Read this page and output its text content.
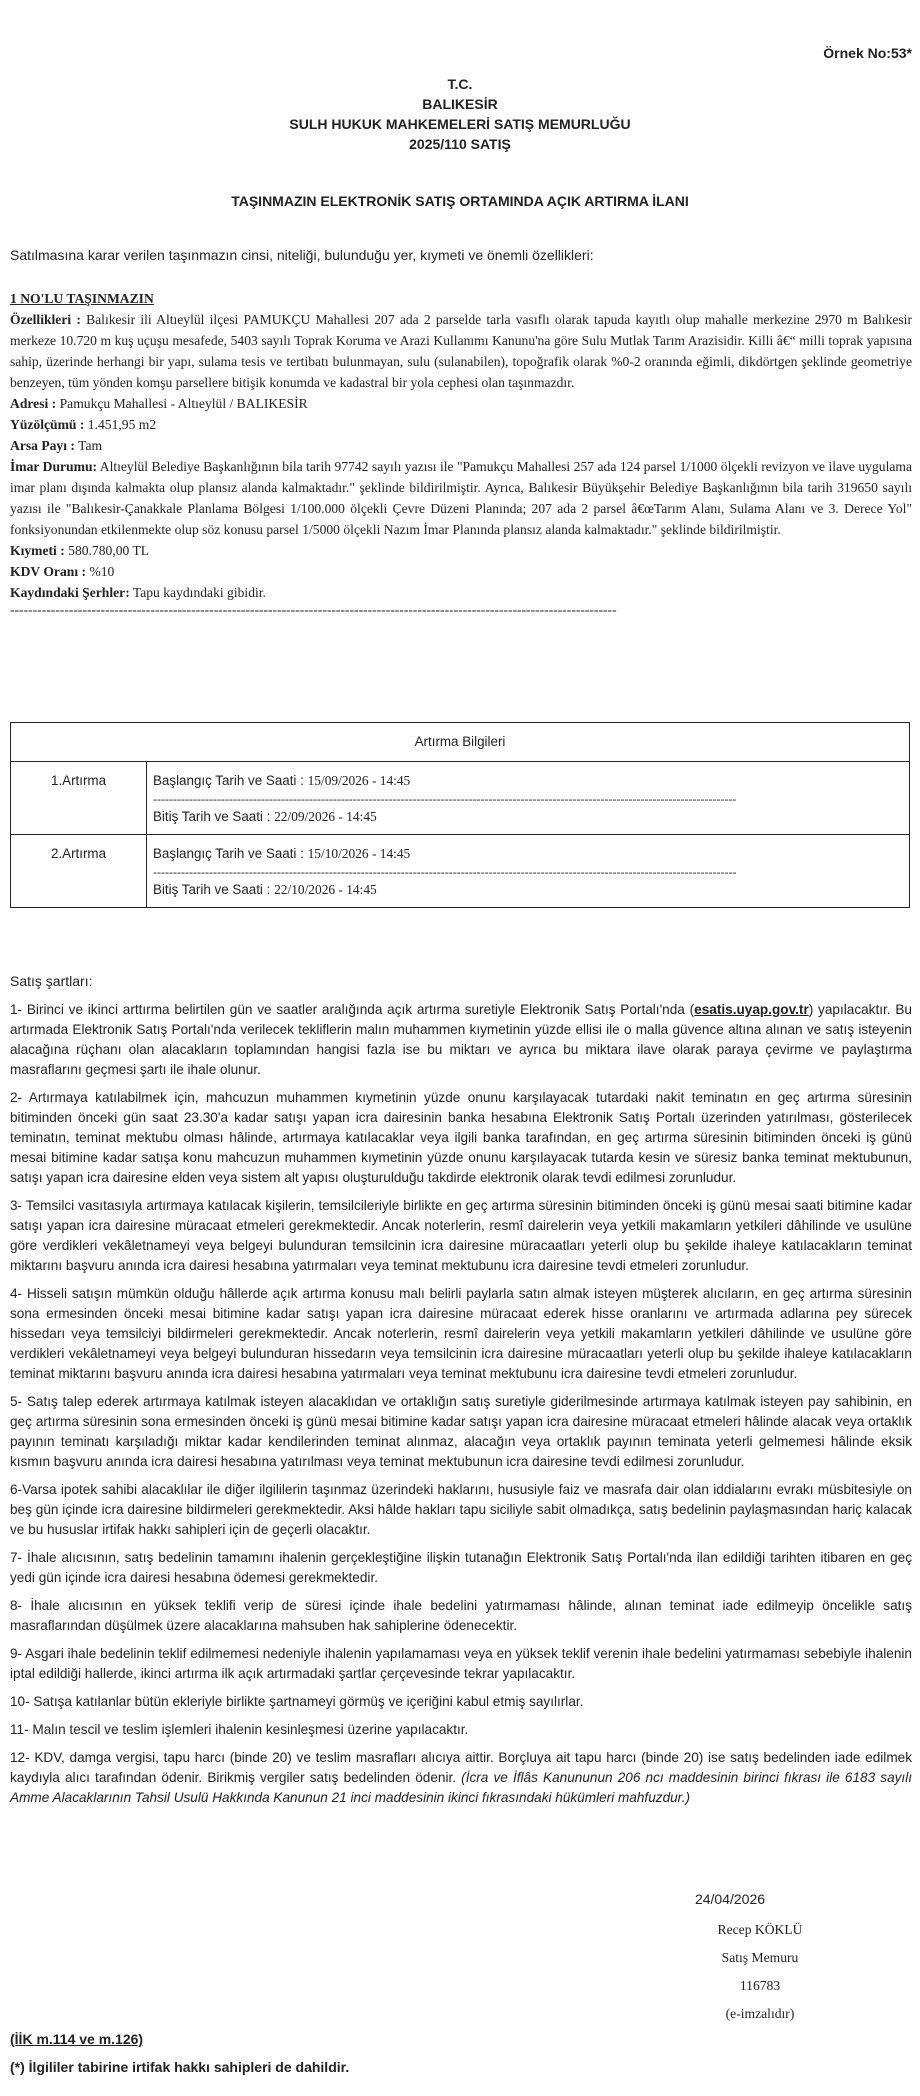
Örnek No:53*
T.C.
BALIKESİR
SULH HUKUK MAHKEMELERİ SATIŞ MEMURLUĞU
2025/110 SATIŞ
TAŞINMAZIN ELEKTRONİK SATIŞ ORTAMINDA AÇIK ARTIRMA İLANI
Satılmasına karar verilen taşınmazın cinsi, niteliği, bulunduğu yer, kıymeti ve önemli özellikleri:
1 NO'LU TAŞINMAZIN
Özellikleri : Balıkesir ili Altıeylül ilçesi PAMUKÇU Mahallesi 207 ada 2 parselde tarla vasıflı olarak tapuda kayıtlı olup mahalle merkezine 2970 m Balıkesir merkeze 10.720 m kuş uçuşu mesafede, 5403 sayılı Toprak Koruma ve Arazi Kullanımı Kanunu'na göre Sulu Mutlak Tarım Arazisidir. Killi â€“ milli toprak yapısına sahip, üzerinde herhangi bir yapı, sulama tesis ve tertibatı bulunmayan, sulu (sulanabilen), topoğrafik olarak %0-2 oranında eğimli, dikdörtgen şeklinde geometriye benzeyen, tüm yönden komşu parsellere bitişik konumda ve kadastral bir yola cephesi olan taşınmazdır.
Adresi : Pamukçu Mahallesi - Altıeylül / BALIKESİR
Yüzölçümü : 1.451,95 m2
Arsa Payı : Tam
İmar Durumu: Altıeylül Belediye Başkanlığının bila tarih 97742 sayılı yazısı ile "Pamukçu Mahallesi 257 ada 124 parsel 1/1000 ölçekli revizyon ve ilave uygulama imar planı dışında kalmakta olup plansız alanda kalmaktadır." şeklinde bildirilmiştir. Ayrıca, Balıkesir Büyükşehir Belediye Başkanlığının bila tarih 319650 sayılı yazısı ile "Balıkesir-Çanakkale Planlama Bölgesi 1/100.000 ölçekli Çevre Düzeni Planında; 207 ada 2 parsel â€œTarım Alanı, Sulama Alanı ve 3. Derece Yol" fonksiyonundan etkilenmekte olup söz konusu parsel 1/5000 ölçekli Nazım İmar Planında plansız alanda kalmaktadır." şeklinde bildirilmiştir.
Kıymeti : 580.780,00 TL
KDV Oranı : %10
Kaydındaki Şerhler: Tapu kaydındaki gibidir.
--------------------------------------------------------------------------------------------------------------------------------------
Artırma Bilgileri	
1.Artırma	Başlangıç Tarih ve Saati : 15/09/2026 - 14:45
--------------------------------------------------------------------------------------------------------------------------------------------------
Bitiş Tarih ve Saati : 22/09/2026 - 14:45

2.Artırma	Başlangıç Tarih ve Saati : 15/10/2026 - 14:45
--------------------------------------------------------------------------------------------------------------------------------------------------
Bitiş Tarih ve Saati : 22/10/2026 - 14:45
Satış şartları:

1- Birinci ve ikinci arttırma belirtilen gün ve saatler aralığında açık artırma suretiyle Elektronik Satış Portalı'nda (esatis.uyap.gov.tr) yapılacaktır. Bu artırmada Elektronik Satış Portalı'nda verilecek tekliflerin malın muhammen kıymetinin yüzde ellisi ile o malla güvence altına alınan ve satış isteyenin alacağına rüçhanı olan alacakların toplamından hangisi fazla ise bu miktarı ve ayrıca bu miktara ilave olarak paraya çevirme ve paylaştırma masraflarını geçmesi şartı ile ihale olunur.

2- Artırmaya katılabilmek için, mahcuzun muhammen kıymetinin yüzde onunu karşılayacak tutardaki nakit teminatın en geç artırma süresinin bitiminden önceki gün saat 23.30'a kadar satışı yapan icra dairesinin banka hesabına Elektronik Satış Portalı üzerinden yatırılması, gösterilecek teminatın, teminat mektubu olması hâlinde, artırmaya katılacaklar veya ilgili banka tarafından, en geç artırma süresinin bitiminden önceki iş günü mesai bitimine kadar satışa konu mahcuzun muhammen kıymetinin yüzde onunu karşılayacak tutarda kesin ve süresiz banka teminat mektubunun, satışı yapan icra dairesine elden veya sistem alt yapısı oluşturulduğu takdirde elektronik olarak tevdi edilmesi zorunludur.

3- Temsilci vasıtasıyla artırmaya katılacak kişilerin, temsilcileriyle birlikte en geç artırma süresinin bitiminden önceki iş günü mesai saati bitimine kadar satışı yapan icra dairesine müracaat etmeleri gerekmektedir. Ancak noterlerin, resmî dairelerin veya yetkili makamların yetkileri dâhilinde ve usulüne göre verdikleri vekâletnameyi veya belgeyi bulunduran temsilcinin icra dairesine müracaatları yeterli olup bu şekilde ihaleye katılacakların teminat miktarını başvuru anında icra dairesi hesabına yatırmaları veya teminat mektubunu icra dairesine tevdi etmeleri zorunludur.

4- Hisseli satışın mümkün olduğu hâllerde açık artırma konusu malı belirli paylarla satın almak isteyen müşterek alıcıların, en geç artırma süresinin sona ermesinden önceki mesai bitimine kadar satışı yapan icra dairesine müracaat ederek hisse oranlarını ve artırmada adlarına pey sürecek hissedarı veya temsilciyi bildirmeleri gerekmektedir. Ancak noterlerin, resmî dairelerin veya yetkili makamların yetkileri dâhilinde ve usulüne göre verdikleri vekâletnameyi veya belgeyi bulunduran hissedarın veya temsilcinin icra dairesine müracaatları yeterli olup bu şekilde ihaleye katılacakların teminat miktarını başvuru anında icra dairesi hesabına yatırmaları veya teminat mektubunu icra dairesine tevdi etmeleri zorunludur.

5- Satış talep ederek artırmaya katılmak isteyen alacaklıdan ve ortaklığın satış suretiyle giderilmesinde artırmaya katılmak isteyen pay sahibinin, en geç artırma süresinin sona ermesinden önceki iş günü mesai bitimine kadar satışı yapan icra dairesine müracaat etmeleri hâlinde alacak veya ortaklık payının teminatı karşıladığı miktar kadar kendilerinden teminat alınmaz, alacağın veya ortaklık payının teminata yeterli gelmemesi hâlinde eksik kısmın başvuru anında icra dairesi hesabına yatırılması veya teminat mektubunun icra dairesine tevdi edilmesi zorunludur.

6-Varsa ipotek sahibi alacaklılar ile diğer ilgililerin taşınmaz üzerindeki haklarını, hususiyle faiz ve masrafa dair olan iddialarını evrakı müsbitesiyle on beş gün içinde icra dairesine bildirmeleri gerekmektedir. Aksi hâlde hakları tapu siciliyle sabit olmadıkça, satış bedelinin paylaşmasından hariç kalacak ve bu hususlar irtifak hakkı sahipleri için de geçerli olacaktır.

7- İhale alıcısının, satış bedelinin tamamını ihalenin gerçekleştiğine ilişkin tutanağın Elektronik Satış Portalı'nda ilan edildiği tarihten itibaren en geç yedi gün içinde icra dairesi hesabına ödemesi gerekmektedir.

8- İhale alıcısının en yüksek teklifi verip de süresi içinde ihale bedelini yatırmaması hâlinde, alınan teminat iade edilmeyip öncelikle satış masraflarından düşülmek üzere alacaklarına mahsuben hak sahiplerine ödenecektir.

9- Asgari ihale bedelinin teklif edilmemesi nedeniyle ihalenin yapılamaması veya en yüksek teklif verenin ihale bedelini yatırmaması sebebiyle ihalenin iptal edildiği hallerde, ikinci artırma ilk açık artırmadaki şartlar çerçevesinde tekrar yapılacaktır.

10- Satışa katılanlar bütün ekleriyle birlikte şartnameyi görmüş ve içeriğini kabul etmiş sayılırlar.

11- Malın tescil ve teslim işlemleri ihalenin kesinleşmesi üzerine yapılacaktır.

12- KDV, damga vergisi, tapu harcı (binde 20) ve teslim masrafları alıcıya aittir. Borçluya ait tapu harcı (binde 20) ise satış bedelinden iade edilmek kaydıyla alıcı tarafından ödenir. Birikmiş vergiler satış bedelinden ödenir. (İcra ve İflâs Kanununun 206 ncı maddesinin birinci fıkrası ile 6183 sayılı Amme Alacaklarının Tahsil Usulü Hakkında Kanunun 21 inci maddesinin ikinci fıkrasındaki hükümleri mahfuzdur.)

24/04/2026
Recep KÖKLÜ
Satış Memuru
116783
(e-imzalıdır)
(İİK m.114 ve m.126)
(*) İlgililer tabirine irtifak hakkı sahipleri de dahildir.
